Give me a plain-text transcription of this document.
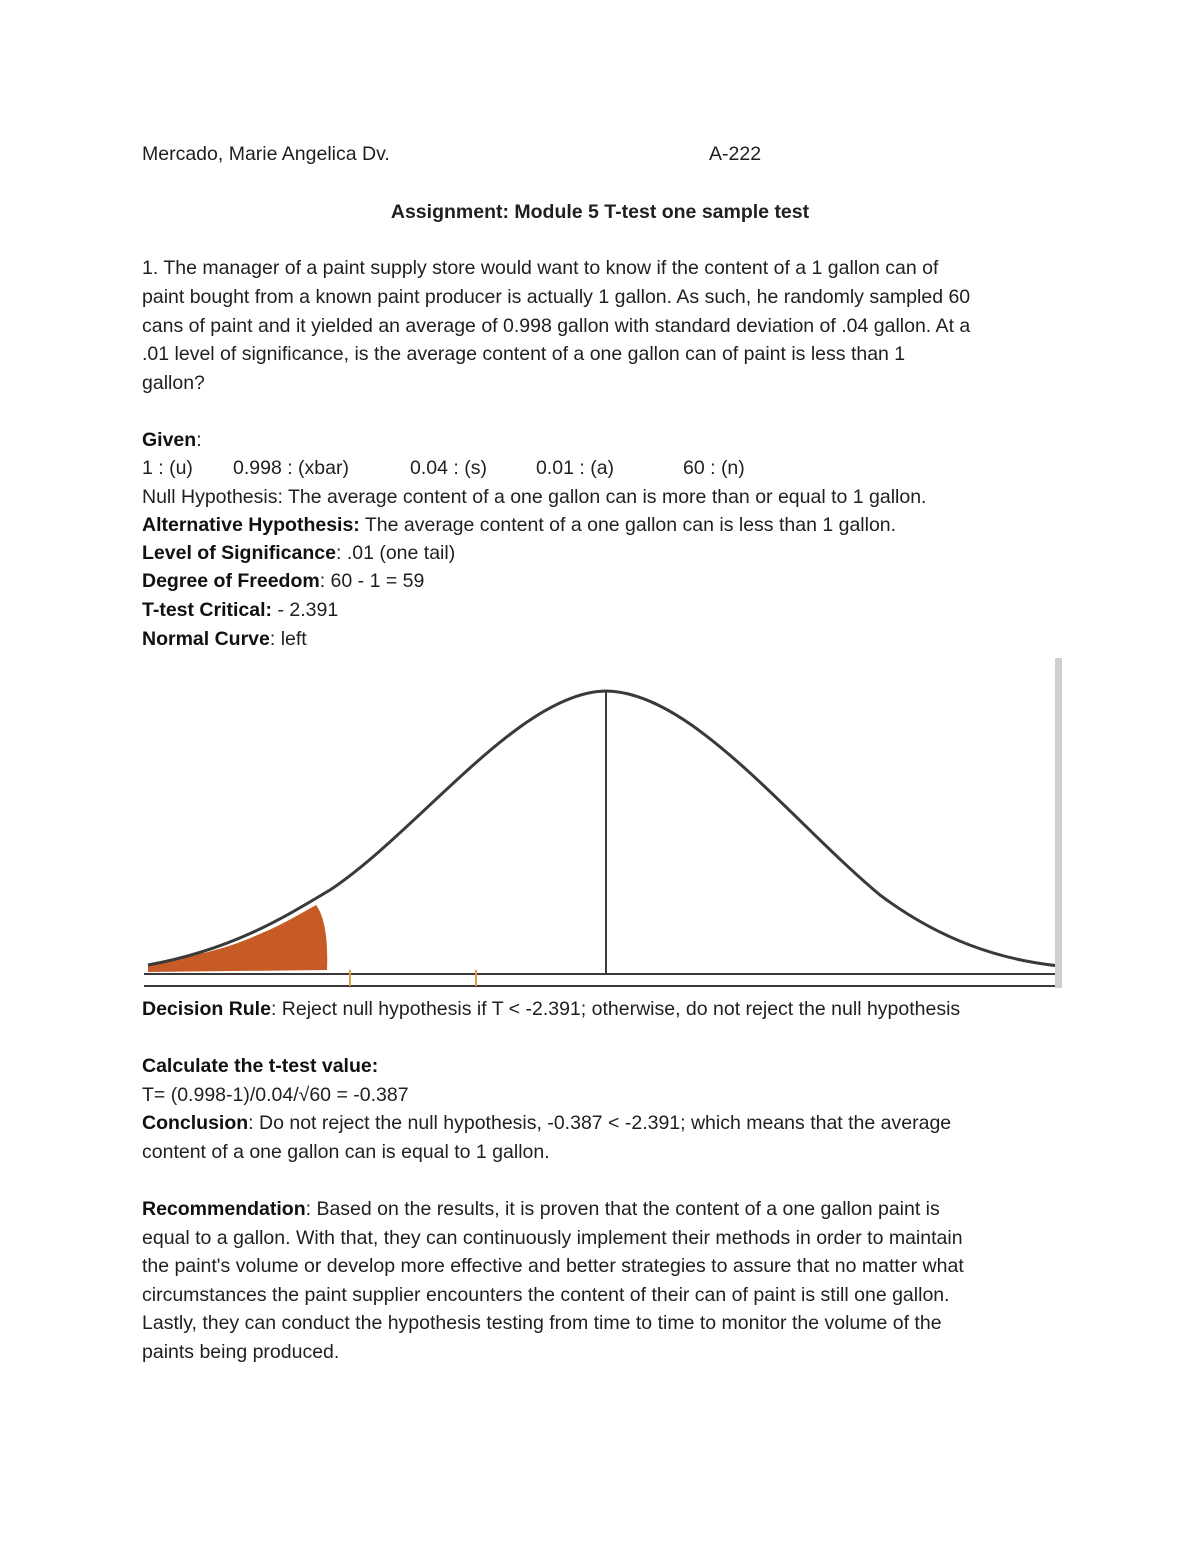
Mercado, Marie Angelica Dv.	A-222
Assignment: Module 5 T-test one sample test
1. The manager of a paint supply store would want to know if the content of a 1 gallon can of
paint bought from a known paint producer is actually 1 gallon. As such, he randomly sampled 60
cans of paint and it yielded an average of 0.998 gallon with standard deviation of .04 gallon. At a
.01 level of significance, is the average content of a one gallon can of paint is less than 1
gallon?
Given:
1 : (u) 0.998 : (xbar)	0.04 : (s)	0.01 : (a)	60 : (n)
Null Hypothesis: The average content of a one gallon can is more than or equal to 1 gallon.
Alternative Hypothesis: The average content of a one gallon can is less than 1 gallon.
Level of Significance: .01 (one tail)
Degree of Freedom: 60 - 1 = 59
T-test Critical: - 2.391
Normal Curve: left
Decision Rule: Reject null hypothesis if T < -2.391; otherwise, do not reject the null hypothesis
Calculate the t-test value:
T= (0.998-1)/0.04/√60 = -0.387
Conclusion: Do not reject the null hypothesis, -0.387 < -2.391; which means that the average
content of a one gallon can is equal to 1 gallon.
Recommendation: Based on the results, it is proven that the content of a one gallon paint is
equal to a gallon. With that, they can continuously implement their methods in order to maintain
the paint's volume or develop more effective and better strategies to assure that no matter what
circumstances the paint supplier encounters the content of their can of paint is still one gallon.
Lastly, they can conduct the hypothesis testing from time to time to monitor the volume of the
paints being produced.
